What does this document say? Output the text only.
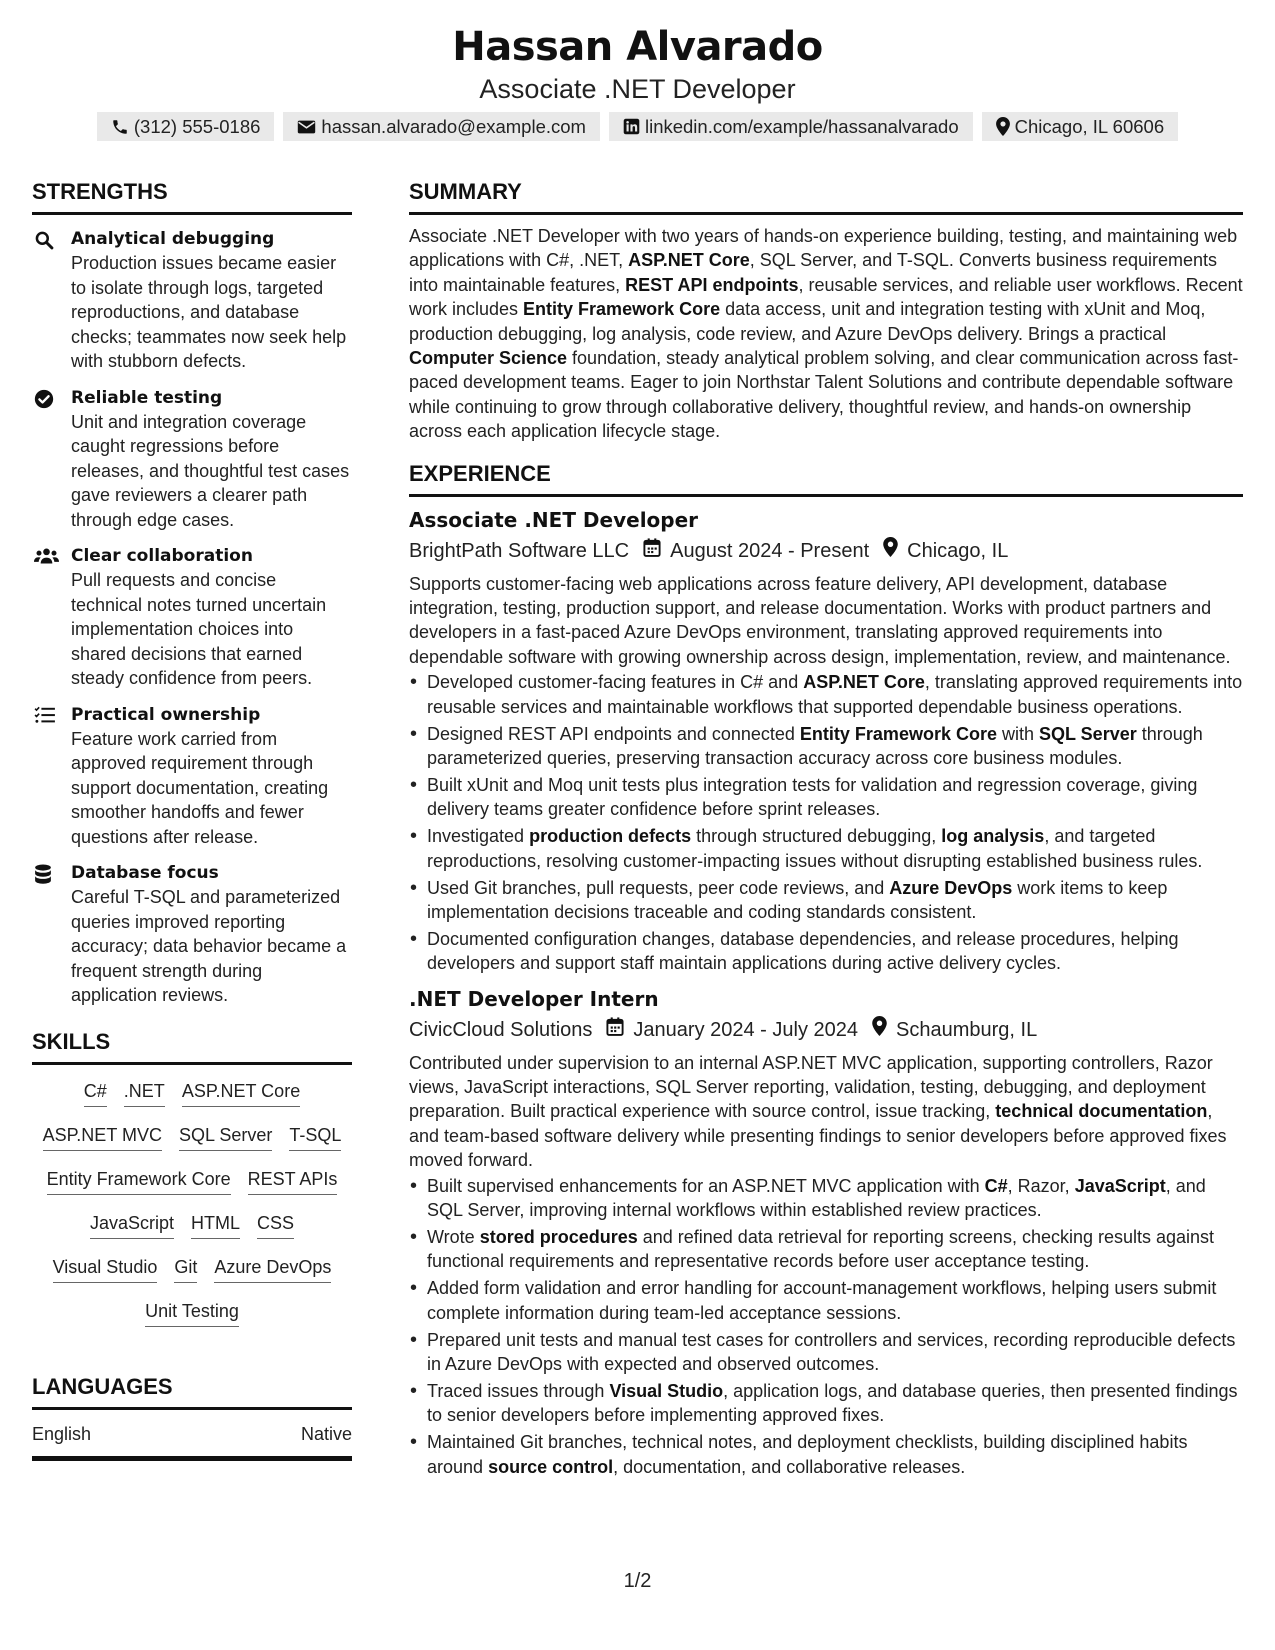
Hassan Alvarado
Associate .NET Developer
(312) 555-0186	hassan.alvarado@example.com	linkedin.com/example/hassanalvarado	Chicago, IL 60606
STRENGTHS
Analytical debugging
Production issues became easier to isolate through logs, targeted reproductions, and database checks; teammates now seek help with stubborn defects.
Reliable testing
Unit and integration coverage caught regressions before releases, and thoughtful test cases gave reviewers a clearer path through edge cases.
Clear collaboration
Pull requests and concise technical notes turned uncertain implementation choices into shared decisions that earned steady confidence from peers.
Practical ownership
Feature work carried from approved requirement through support documentation, creating smoother handoffs and fewer questions after release.
Database focus
Careful T-SQL and parameterized queries improved reporting accuracy; data behavior became a frequent strength during application reviews.
SKILLS
C# .NET ASP.NET Core
ASP.NET MVC SQL Server T-SQL
Entity Framework Core REST APIs
JavaScript HTML CSS
Visual Studio Git Azure DevOps
Unit Testing
LANGUAGES
English	Native
SUMMARY
Associate .NET Developer with two years of hands-on experience building, testing, and maintaining web applications with C#, .NET, ASP.NET Core, SQL Server, and T-SQL. Converts business requirements into maintainable features, REST API endpoints, reusable services, and reliable user workflows. Recent work includes Entity Framework Core data access, unit and integration testing with xUnit and Moq, production debugging, log analysis, code review, and Azure DevOps delivery. Brings a practical Computer Science foundation, steady analytical problem solving, and clear communication across fast-paced development teams. Eager to join Northstar Talent Solutions and contribute dependable software while continuing to grow through collaborative delivery, thoughtful review, and hands-on ownership across each application lifecycle stage.
EXPERIENCE
Associate .NET Developer
BrightPath Software LLC August 2024 - Present Chicago, IL
Supports customer-facing web applications across feature delivery, API development, database integration, testing, production support, and release documentation. Works with product partners and developers in a fast-paced Azure DevOps environment, translating approved requirements into dependable software with growing ownership across design, implementation, review, and maintenance.
• Developed customer-facing features in C# and ASP.NET Core, translating approved requirements into reusable services and maintainable workflows that supported dependable business operations.
• Designed REST API endpoints and connected Entity Framework Core with SQL Server through parameterized queries, preserving transaction accuracy across core business modules.
• Built xUnit and Moq unit tests plus integration tests for validation and regression coverage, giving delivery teams greater confidence before sprint releases.
• Investigated production defects through structured debugging, log analysis, and targeted reproductions, resolving customer-impacting issues without disrupting established business rules.
• Used Git branches, pull requests, peer code reviews, and Azure DevOps work items to keep implementation decisions traceable and coding standards consistent.
• Documented configuration changes, database dependencies, and release procedures, helping developers and support staff maintain applications during active delivery cycles.
.NET Developer Intern
CivicCloud Solutions January 2024 - July 2024 Schaumburg, IL
Contributed under supervision to an internal ASP.NET MVC application, supporting controllers, Razor views, JavaScript interactions, SQL Server reporting, validation, testing, debugging, and deployment preparation. Built practical experience with source control, issue tracking, technical documentation, and team-based software delivery while presenting findings to senior developers before approved fixes moved forward.
• Built supervised enhancements for an ASP.NET MVC application with C#, Razor, JavaScript, and SQL Server, improving internal workflows within established review practices.
• Wrote stored procedures and refined data retrieval for reporting screens, checking results against functional requirements and representative records before user acceptance testing.
• Added form validation and error handling for account-management workflows, helping users submit complete information during team-led acceptance sessions.
• Prepared unit tests and manual test cases for controllers and services, recording reproducible defects in Azure DevOps with expected and observed outcomes.
• Traced issues through Visual Studio, application logs, and database queries, then presented findings to senior developers before implementing approved fixes.
• Maintained Git branches, technical notes, and deployment checklists, building disciplined habits around source control, documentation, and collaborative releases.
1/2
